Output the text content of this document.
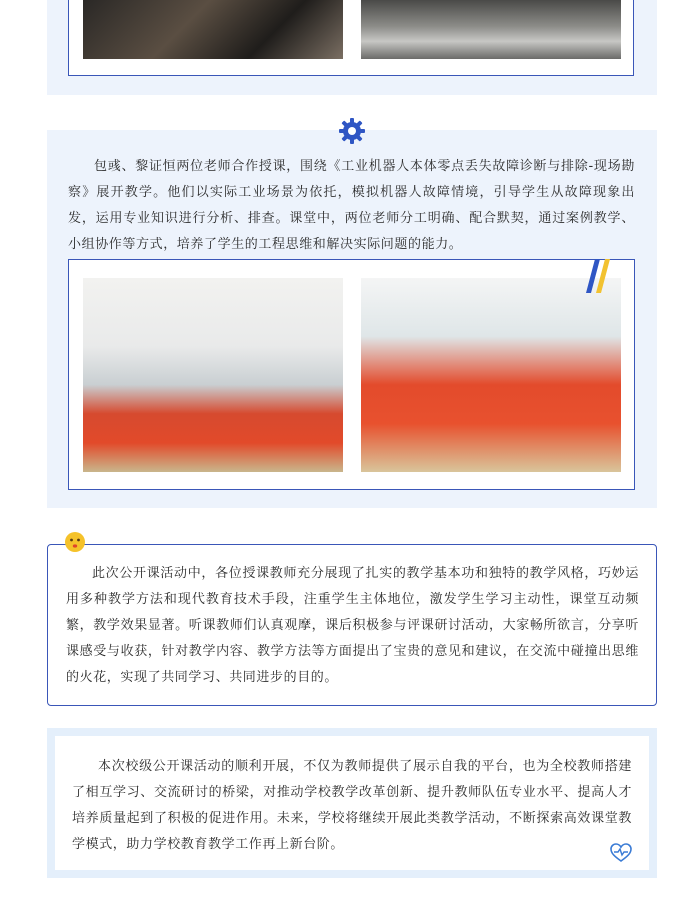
包彧、黎证恒两位老师合作授课，围绕《工业机器人本体零点丢失故障诊断与排除-现场勘察》展开教学。他们以实际工业场景为依托，模拟机器人故障情境，引导学生从故障现象出发，运用专业知识进行分析、排查。课堂中，两位老师分工明确、配合默契，通过案例教学、小组协作等方式，培养了学生的工程思维和解决实际问题的能力。

此次公开课活动中，各位授课教师充分展现了扎实的教学基本功和独特的教学风格，巧妙运用多种教学方法和现代教育技术手段，注重学生主体地位，激发学生学习主动性，课堂互动频繁，教学效果显著。听课教师们认真观摩，课后积极参与评课研讨活动，大家畅所欲言，分享听课感受与收获，针对教学内容、教学方法等方面提出了宝贵的意见和建议，在交流中碰撞出思维的火花，实现了共同学习、共同进步的目的。

本次校级公开课活动的顺利开展，不仅为教师提供了展示自我的平台，也为全校教师搭建了相互学习、交流研讨的桥梁，对推动学校教学改革创新、提升教师队伍专业水平、提高人才培养质量起到了积极的促进作用。未来，学校将继续开展此类教学活动，不断探索高效课堂教学模式，助力学校教育教学工作再上新台阶。
